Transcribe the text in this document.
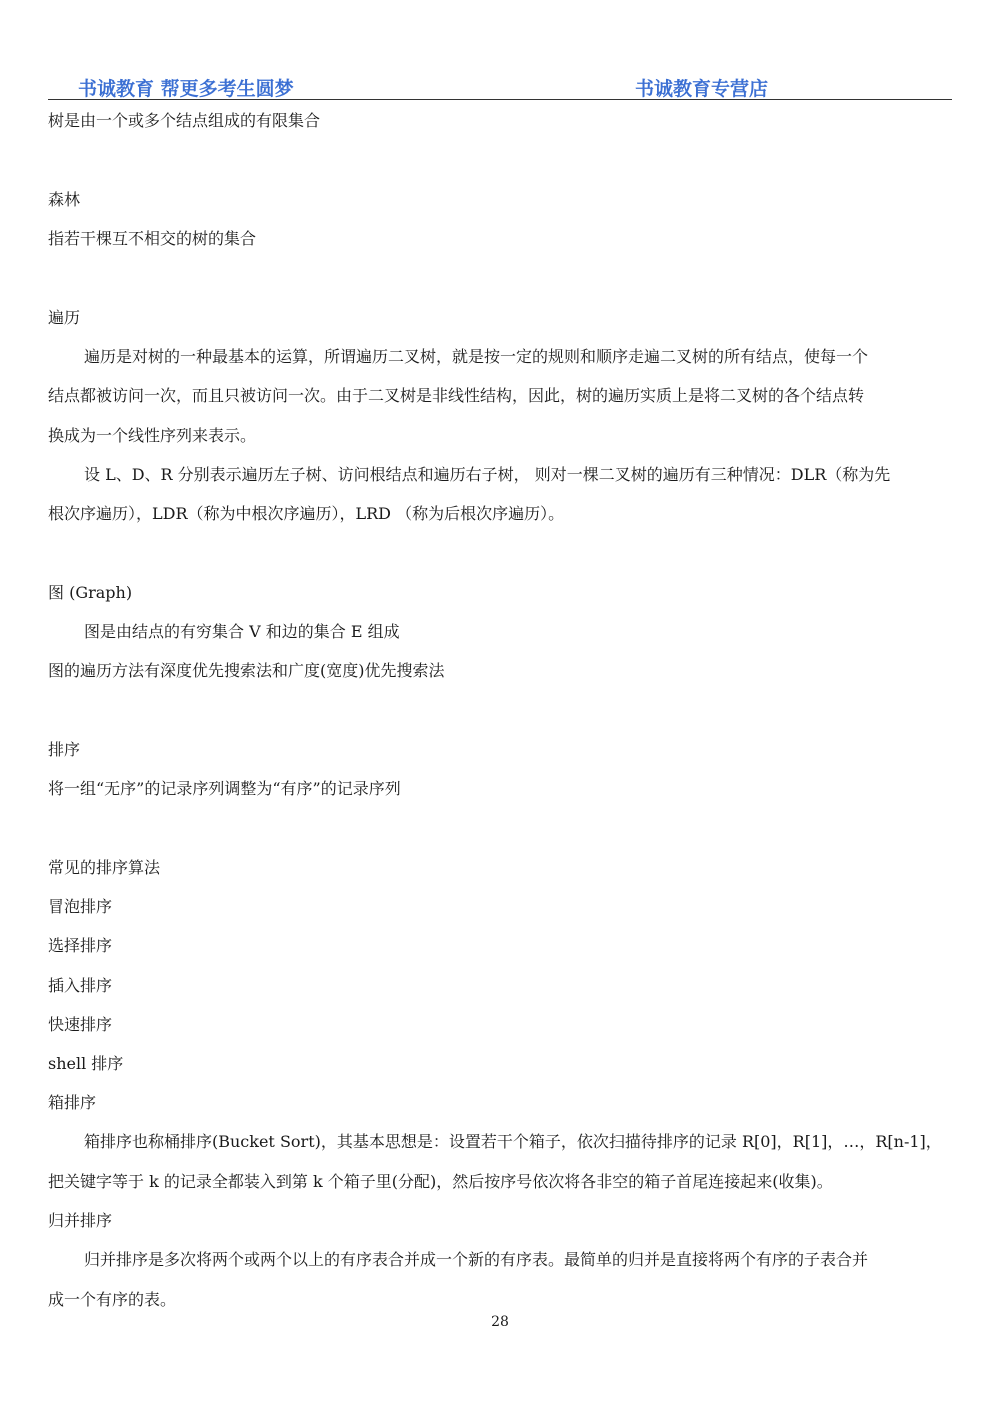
书诚教育 帮更多考生圆梦	书诚教育专营店
树是由一个或多个结点组成的有限集合
森林
指若干棵互不相交的树的集合
遍历
遍历是对树的一种最基本的运算，所谓遍历二叉树，就是按一定的规则和顺序走遍二叉树的所有结点，使每一个
结点都被访问一次，而且只被访问一次。由于二叉树是非线性结构，因此，树的遍历实质上是将二叉树的各个结点转
换成为一个线性序列来表示。
设 L、D、R 分别表示遍历左子树、访问根结点和遍历右子树， 则对一棵二叉树的遍历有三种情况：DLR（称为先
根次序遍历），LDR（称为中根次序遍历），LRD （称为后根次序遍历）。
图 (Graph)
图是由结点的有穷集合 V 和边的集合 E 组成
图的遍历方法有深度优先搜索法和广度(宽度)优先搜索法
排序
将一组“无序”的记录序列调整为“有序”的记录序列
常见的排序算法
冒泡排序
选择排序
插入排序
快速排序
shell 排序
箱排序
箱排序也称桶排序(Bucket Sort)，其基本思想是：设置若干个箱子，依次扫描待排序的记录 R[0]，R[1]，…，R[n-1]，
把关键字等于 k 的记录全都装入到第 k 个箱子里(分配)，然后按序号依次将各非空的箱子首尾连接起来(收集)。
归并排序
归并排序是多次将两个或两个以上的有序表合并成一个新的有序表。最简单的归并是直接将两个有序的子表合并
成一个有序的表。
28
